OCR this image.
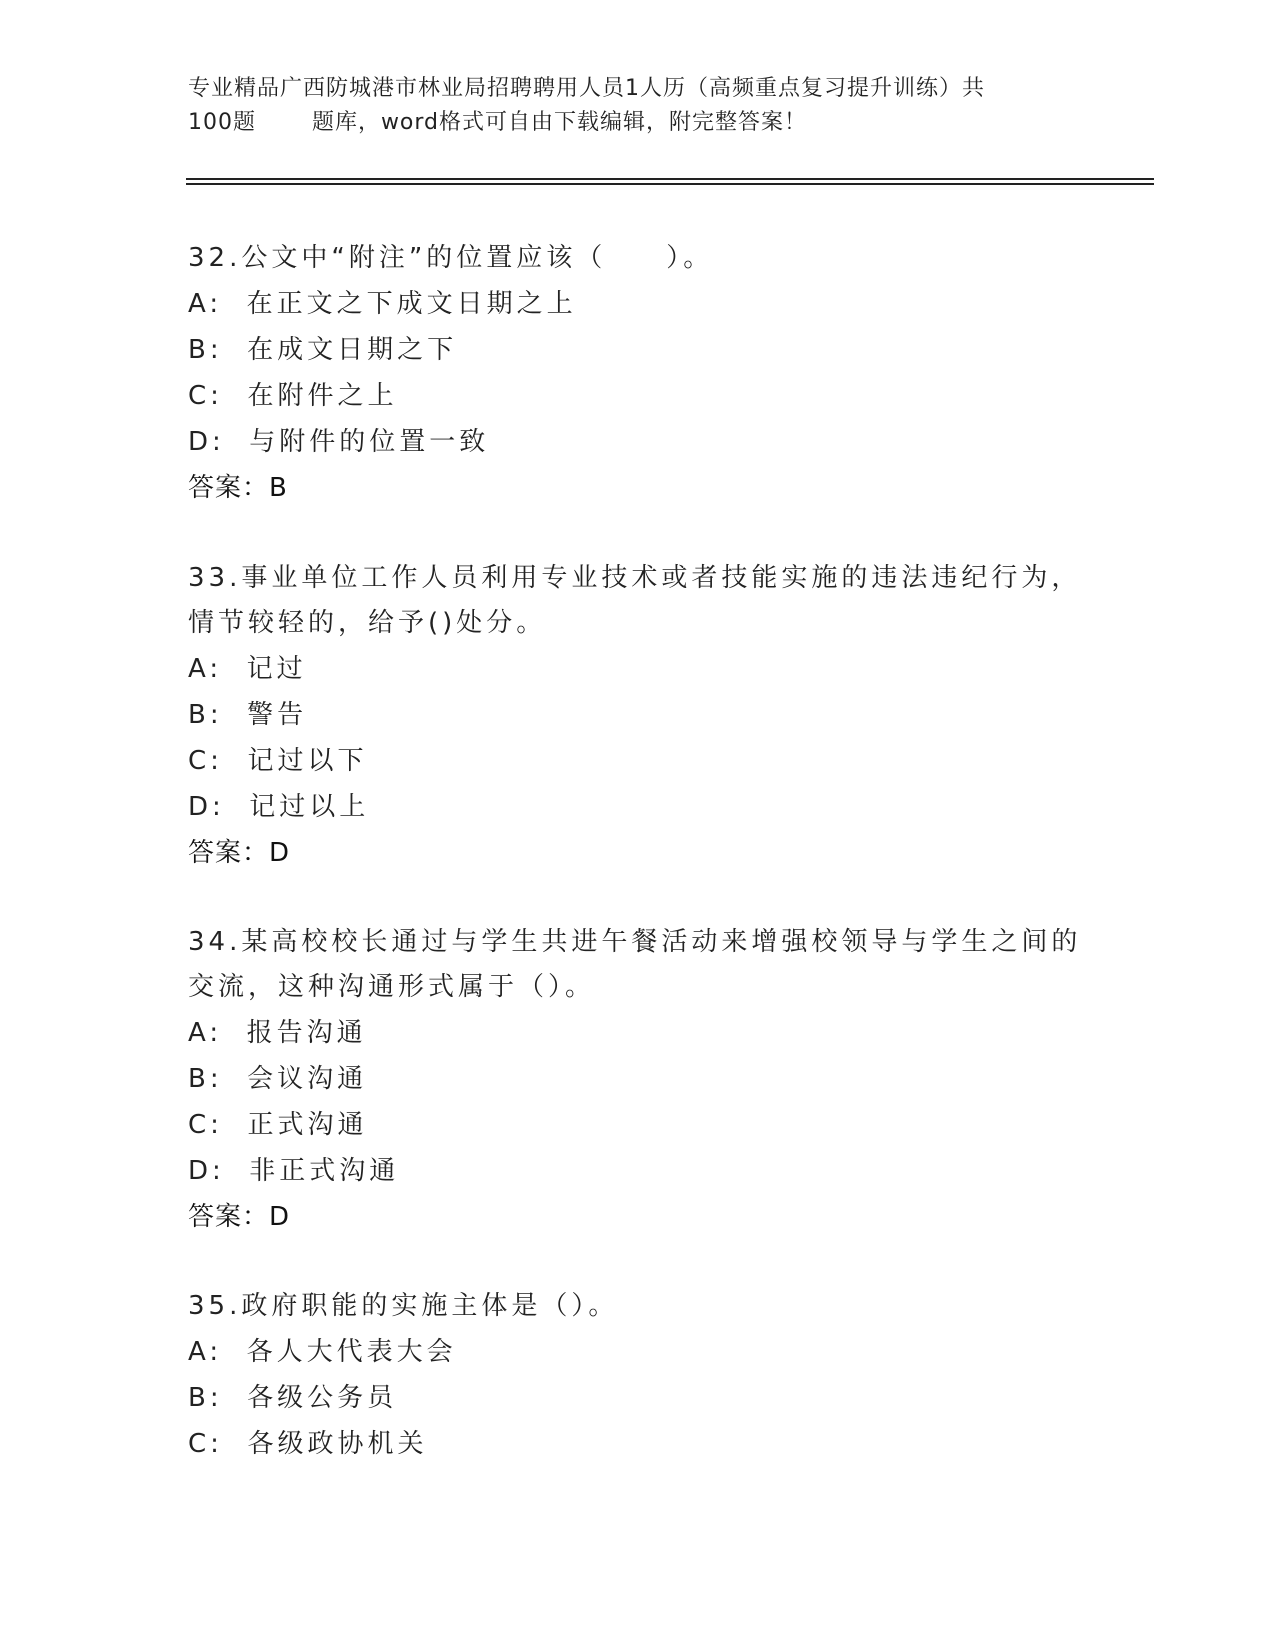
专业精品广西防城港市林业局招聘聘用人员1人历（高频重点复习提升训练）共
100题       题库，word格式可自由下载编辑，附完整答案！
32.公文中“附注”的位置应该（　　）。
A:  在正文之下成文日期之上
B:  在成文日期之下
C:  在附件之上
D:  与附件的位置一致
答案：B
33.事业单位工作人员利用专业技术或者技能实施的违法违纪行为，情节较轻的，给予()处分。
A:  记过
B:  警告
C:  记过以下
D:  记过以上
答案：D
34.某高校校长通过与学生共进午餐活动来增强校领导与学生之间的交流，这种沟通形式属于（）。
A:  报告沟通
B:  会议沟通
C:  正式沟通
D:  非正式沟通
答案：D
35.政府职能的实施主体是（）。
A:  各人大代表大会
B:  各级公务员
C:  各级政协机关
